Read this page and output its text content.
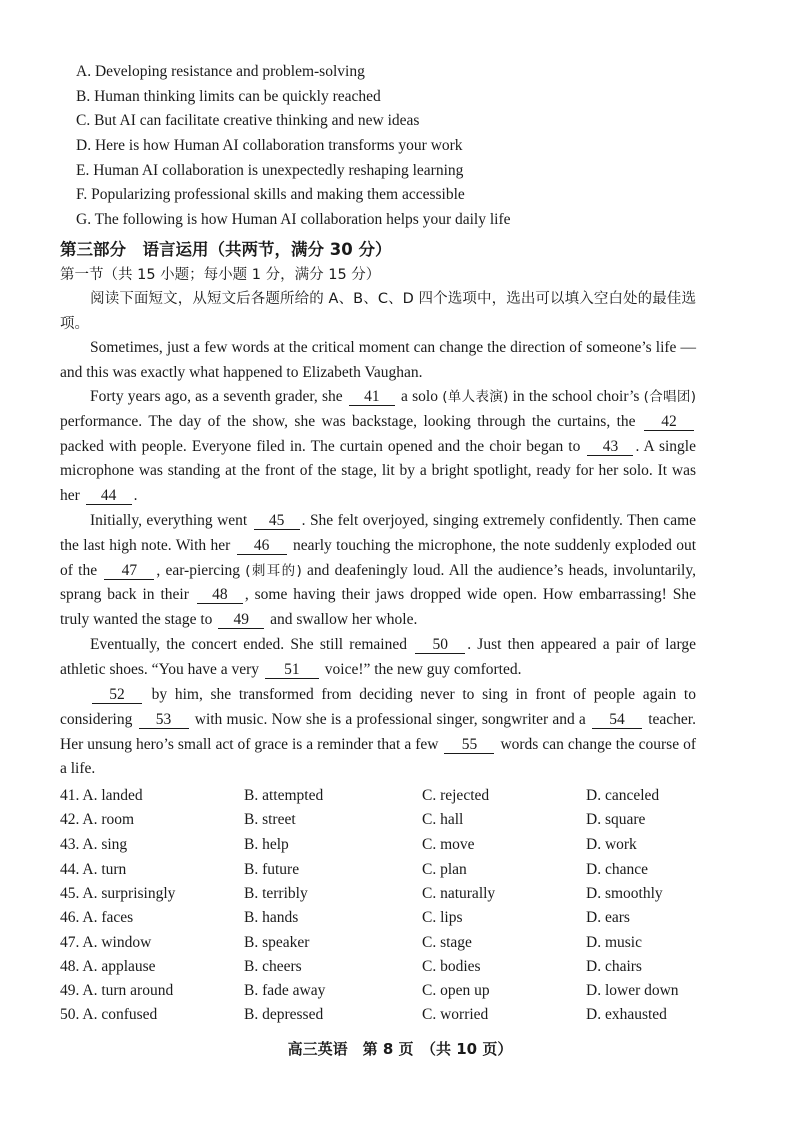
A. Developing resistance and problem-solving
B. Human thinking limits can be quickly reached
C. But AI can facilitate creative thinking and new ideas
D. Here is how Human AI collaboration transforms your work
E. Human AI collaboration is unexpectedly reshaping learning
F. Popularizing professional skills and making them accessible
G. The following is how Human AI collaboration helps your daily life
第三部分　语言运用（共两节，满分 30 分）
第一节（共 15 小题；每小题 1 分，满分 15 分）
阅读下面短文，从短文后各题所给的 A、B、C、D 四个选项中，选出可以填入空白处的最佳选项。
Sometimes, just a few words at the critical moment can change the direction of someone’s life — and this was exactly what happened to Elizabeth Vaughan.
Forty years ago, as a seventh grader, she 41 a solo (单人表演) in the school choir’s (合唱团) performance. The day of the show, she was backstage, looking through the curtains, the 42 packed with people. Everyone filed in. The curtain opened and the choir began to 43 . A single microphone was standing at the front of the stage, lit by a bright spotlight, ready for her solo. It was her 44 .
Initially, everything went 45 . She felt overjoyed, singing extremely confidently. Then came the last high note. With her 46 nearly touching the microphone, the note suddenly exploded out of the 47 , ear-piercing (刺耳的) and deafeningly loud. All the audience’s heads, involuntarily, sprang back in their 48 , some having their jaws dropped wide open. How embarrassing! She truly wanted the stage to 49 and swallow her whole.
Eventually, the concert ended. She still remained 50 . Just then appeared a pair of large athletic shoes. “You have a very 51 voice!” the new guy comforted.
52 by him, she transformed from deciding never to sing in front of people again to considering 53 with music. Now she is a professional singer, songwriter and a 54 teacher. Her unsung hero’s small act of grace is a reminder that a few 55 words can change the course of a life.
41. A. landed	B. attempted	C. rejected	D. canceled
42. A. room	B. street	C. hall	D. square
43. A. sing	B. help	C. move	D. work
44. A. turn	B. future	C. plan	D. chance
45. A. surprisingly	B. terribly	C. naturally	D. smoothly
46. A. faces	B. hands	C. lips	D. ears
47. A. window	B. speaker	C. stage	D. music
48. A. applause	B. cheers	C. bodies	D. chairs
49. A. turn around	B. fade away	C. open up	D. lower down
50. A. confused	B. depressed	C. worried	D. exhausted
高三英语　第 8 页　（共 10 页）
